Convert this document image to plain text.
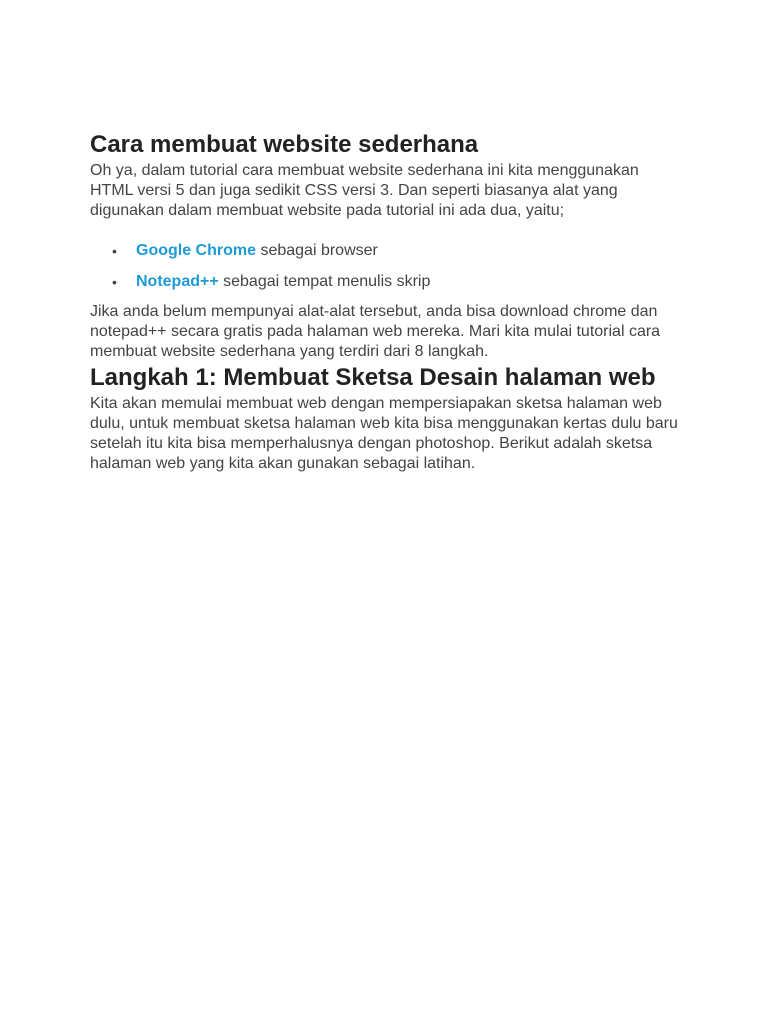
Cara membuat website sederhana

Oh ya, dalam tutorial cara membuat website sederhana ini kita menggunakan HTML versi 5 dan juga sedikit CSS versi 3. Dan seperti biasanya alat yang digunakan dalam membuat website pada tutorial ini ada dua, yaitu;

• Google Chrome sebagai browser
• Notepad++ sebagai tempat menulis skrip

Jika anda belum mempunyai alat-alat tersebut, anda bisa download chrome dan notepad++ secara gratis pada halaman web mereka. Mari kita mulai tutorial cara membuat website sederhana yang terdiri dari 8 langkah.

Langkah 1: Membuat Sketsa Desain halaman web

Kita akan memulai membuat web dengan mempersiapakan sketsa halaman web dulu, untuk membuat sketsa halaman web kita bisa menggunakan kertas dulu baru setelah itu kita bisa memperhalusnya dengan photoshop. Berikut adalah sketsa halaman web yang kita akan gunakan sebagai latihan.
